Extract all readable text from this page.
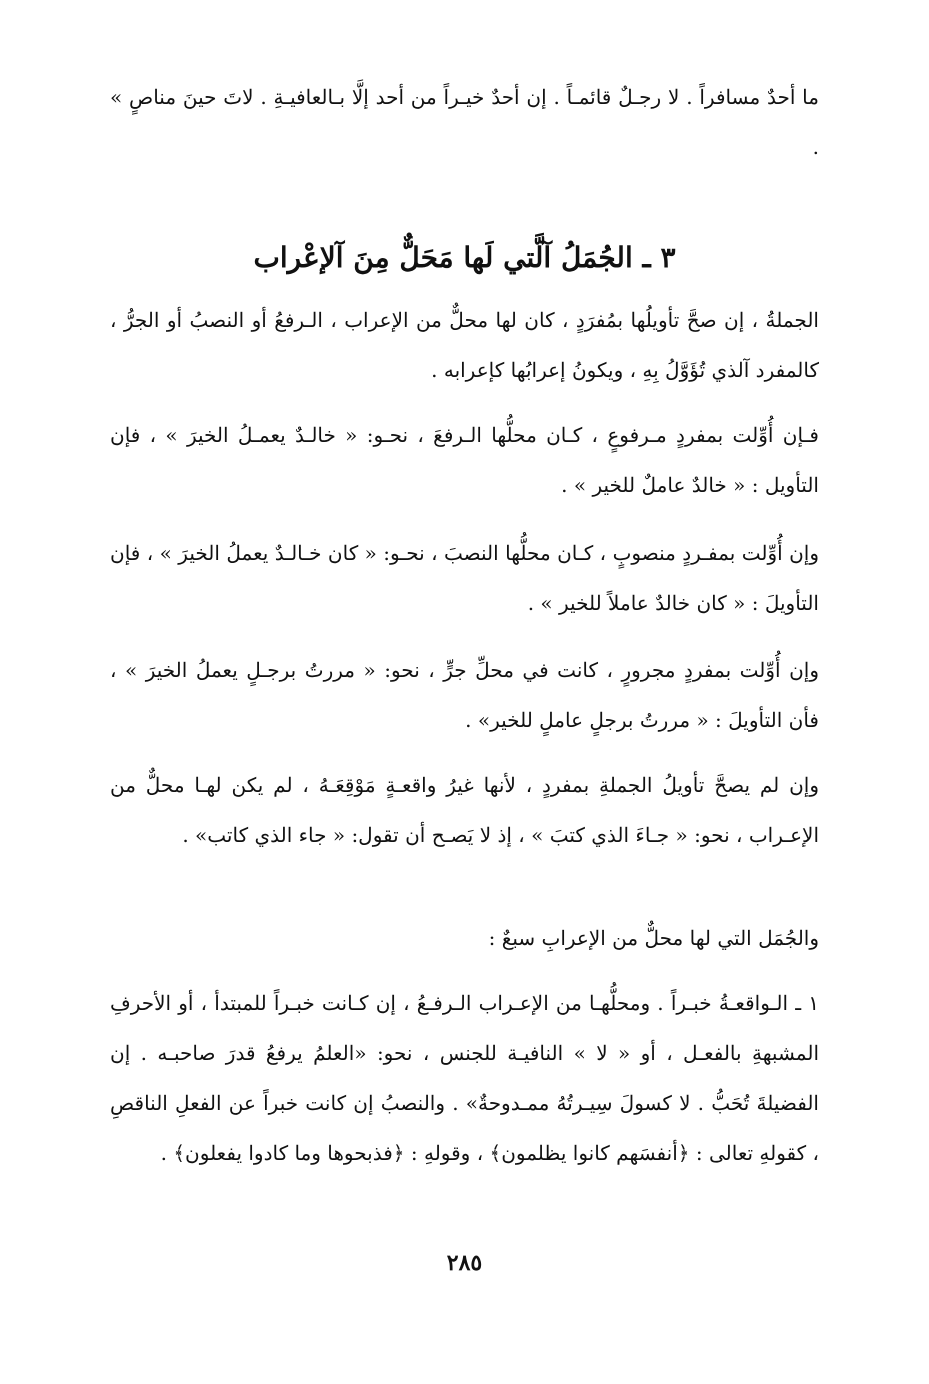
ما أحدٌ مسافراً . لا رجـلٌ قائمـاً . إن أحدٌ خيـراً من أحد إلَّا بـالعافيـةِ . لاتَ حينَ مناصٍ » .
٣ ـ الجُمَلُ آلَّتي لَها مَحَلٌّ مِنَ آلإعْراب
الجملةُ ، إن صحَّ تأويلُها بمُفرَدٍ ، كان لها محلٌّ من الإعراب ، الـرفعُ أو النصبُ أو الجرُّ ، كالمفرد آلذي تُؤَوَّلُ بِهِ ، ويكونُ إعرابُها كإعرابه .
فـإن أُوِّلت بمفردٍ مـرفوعٍ ، كـان محلُّها الـرفعَ ، نحـو: « خالـدٌ يعمـلُ الخيرَ » ، فإن التأويل : « خالدٌ عاملٌ للخير » .
وإن أُوِّلت بمفـردٍ منصوبٍ ، كـان محلُّها النصبَ ، نحـو: « كان خـالـدٌ يعملُ الخيرَ » ، فإن التأويلَ : « كان خالدٌ عاملاً للخير » .
وإن أُوِّلت بمفردٍ مجرورٍ ، كانت في محلِّ جرٍّ ، نحو: « مررتُ برجـلٍ يعملُ الخيرَ » ، فأن التأويلَ : « مررتُ برجلٍ عاملٍ للخير» .
وإن لم يصحَّ تأويلُ الجملةِ بمفردٍ ، لأنها غيرُ واقعـةٍ مَوْقِعَـهُ ، لم يكن لهـا محلٌّ من الإعـراب ، نحو: « جـاءَ الذي كتبَ » ، إذ لا يَصـح أن تقول: « جاء الذي كاتب» .
والجُمَل التي لها محلٌّ من الإعرابِ سبعٌ :
١ ـ الـواقعـةُ خبـراً . ومحلُّهـا من الإعـراب الـرفـعُ ، إن كـانت خبـراً للمبتدأ ، أو الأحرفِ المشبهةِ بالفعـل ، أو « لا » النافيـة للجنس ، نحو: «العلمُ يرفعُ قدرَ صاحبـه . إن الفضيلةَ تُحَبُّ . لا كسولَ سِيـرتُهُ ممـدوحةٌ» . والنصبُ إن كانت خبراً عن الفعلِ الناقصِ ، كقولهِ تعالى : ﴿أنفسَهم كانوا يظلمون﴾ ، وقولهِ : ﴿فذبحوها وما كادوا يفعلون﴾ .
٢٨٥
